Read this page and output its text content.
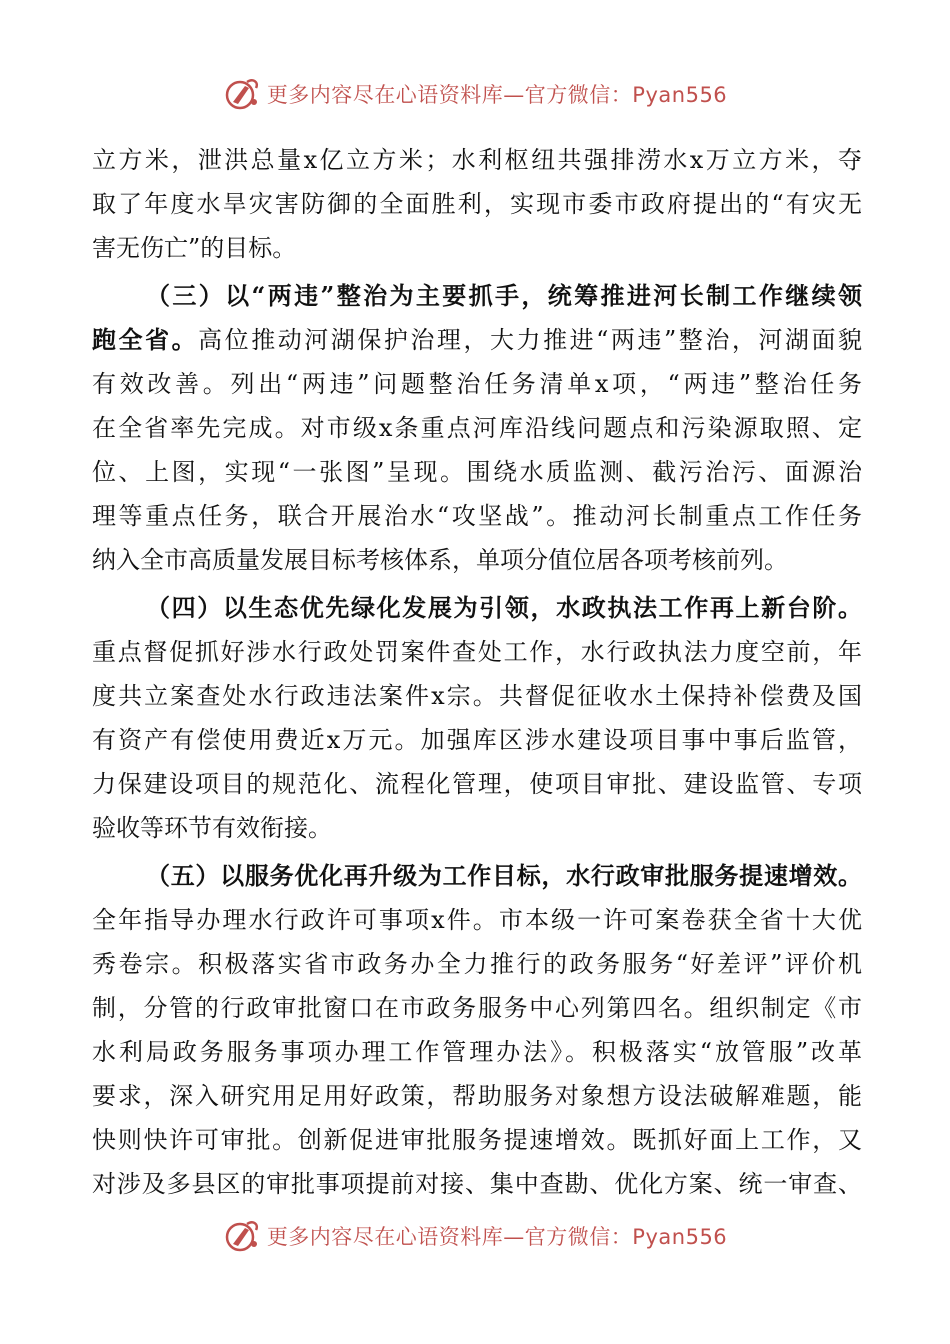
更多内容尽在心语资料库—官方微信：Pyan556
立方米，泄洪总量x亿立方米；水利枢纽共强排涝水x万立方米，夺
取了年度水旱灾害防御的全面胜利，实现市委市政府提出的“有灾无
害无伤亡”的目标。
（三）以“两违”整治为主要抓手，统筹推进河长制工作继续领
跑全省。高位推动河湖保护治理，大力推进“两违”整治，河湖面貌
有效改善。列出“两违”问题整治任务清单x项，“两违”整治任务
在全省率先完成。对市级x条重点河库沿线问题点和污染源取照、定
位、上图，实现“一张图”呈现。围绕水质监测、截污治污、面源治
理等重点任务，联合开展治水“攻坚战”。推动河长制重点工作任务
纳入全市高质量发展目标考核体系，单项分值位居各项考核前列。
（四）以生态优先绿化发展为引领，水政执法工作再上新台阶。
重点督促抓好涉水行政处罚案件查处工作，水行政执法力度空前，年
度共立案查处水行政违法案件x宗。共督促征收水土保持补偿费及国
有资产有偿使用费近x万元。加强库区涉水建设项目事中事后监管，
力保建设项目的规范化、流程化管理，使项目审批、建设监管、专项
验收等环节有效衔接。
（五）以服务优化再升级为工作目标，水行政审批服务提速增效。
全年指导办理水行政许可事项x件。市本级一许可案卷获全省十大优
秀卷宗。积极落实省市政务办全力推行的政务服务“好差评”评价机
制，分管的行政审批窗口在市政务服务中心列第四名。组织制定《市
水利局政务服务事项办理工作管理办法》。积极落实“放管服”改革
要求，深入研究用足用好政策，帮助服务对象想方设法破解难题，能
快则快许可审批。创新促进审批服务提速增效。既抓好面上工作，又
对涉及多县区的审批事项提前对接、集中查勘、优化方案、统一审查、
更多内容尽在心语资料库—官方微信：Pyan556
